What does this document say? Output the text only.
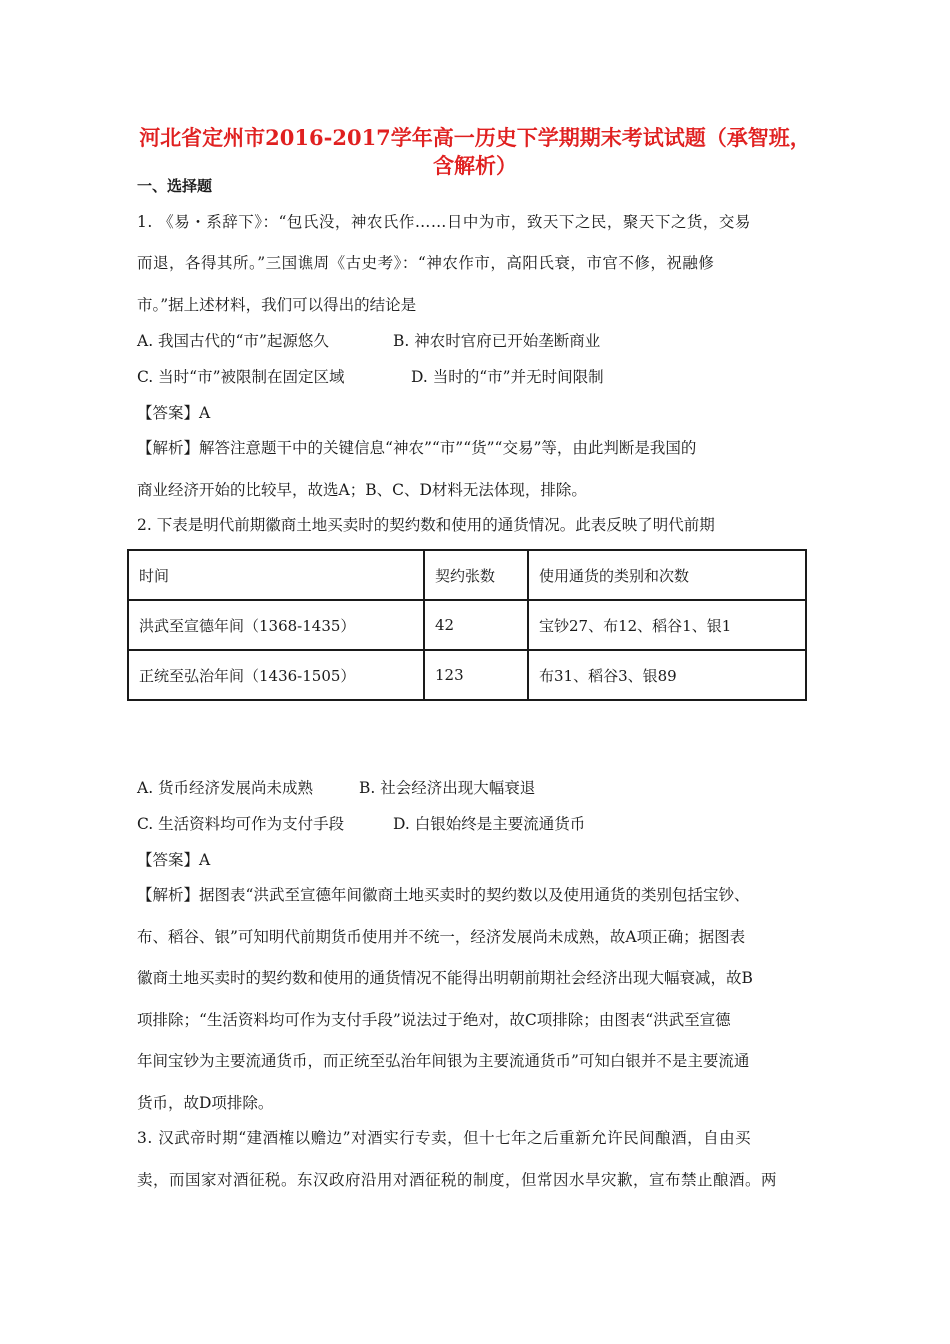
河北省定州市2016-2017学年高一历史下学期期末考试试题（承智班，
含解析）
一、选择题
1. 《易・系辞下》：“包氏没，神农氏作……日中为市，致天下之民，聚天下之货，交易
而退，各得其所。”三国谯周《古史考》：“神农作市，高阳氏衰，市官不修，祝融修
市。”据上述材料，我们可以得出的结论是
A. 我国古代的“市”起源悠久	B. 神农时官府已开始垄断商业
C. 当时“市”被限制在固定区域	D. 当时的“市”并无时间限制
【答案】A
【解析】解答注意题干中的关键信息“神农”“市”“货”“交易”等，由此判断是我国的
商业经济开始的比较早，故选A；B、C、D材料无法体现，排除。
2. 下表是明代前期徽商土地买卖时的契约数和使用的通货情况。此表反映了明代前期
时间	契约张数	使用通货的类别和次数
洪武至宣德年间（1368-1435）	42	宝钞27、布12、稻谷1、银1
正统至弘治年间（1436-1505）	123	布31、稻谷3、银89
A. 货币经济发展尚未成熟	B. 社会经济出现大幅衰退
C. 生活资料均可作为支付手段	D. 白银始终是主要流通货币
【答案】A
【解析】据图表“洪武至宣德年间徽商土地买卖时的契约数以及使用通货的类别包括宝钞、
布、稻谷、银”可知明代前期货币使用并不统一，经济发展尚未成熟，故A项正确；据图表
徽商土地买卖时的契约数和使用的通货情况不能得出明朝前期社会经济出现大幅衰减，故B
项排除；“生活资料均可作为支付手段”说法过于绝对，故C项排除；由图表“洪武至宣德
年间宝钞为主要流通货币，而正统至弘治年间银为主要流通货币”可知白银并不是主要流通
货币，故D项排除。
3. 汉武帝时期“建酒榷以赡边”对酒实行专卖，但十七年之后重新允许民间酿酒，自由买
卖，而国家对酒征税。东汉政府沿用对酒征税的制度，但常因水旱灾歉，宣布禁止酿酒。两
